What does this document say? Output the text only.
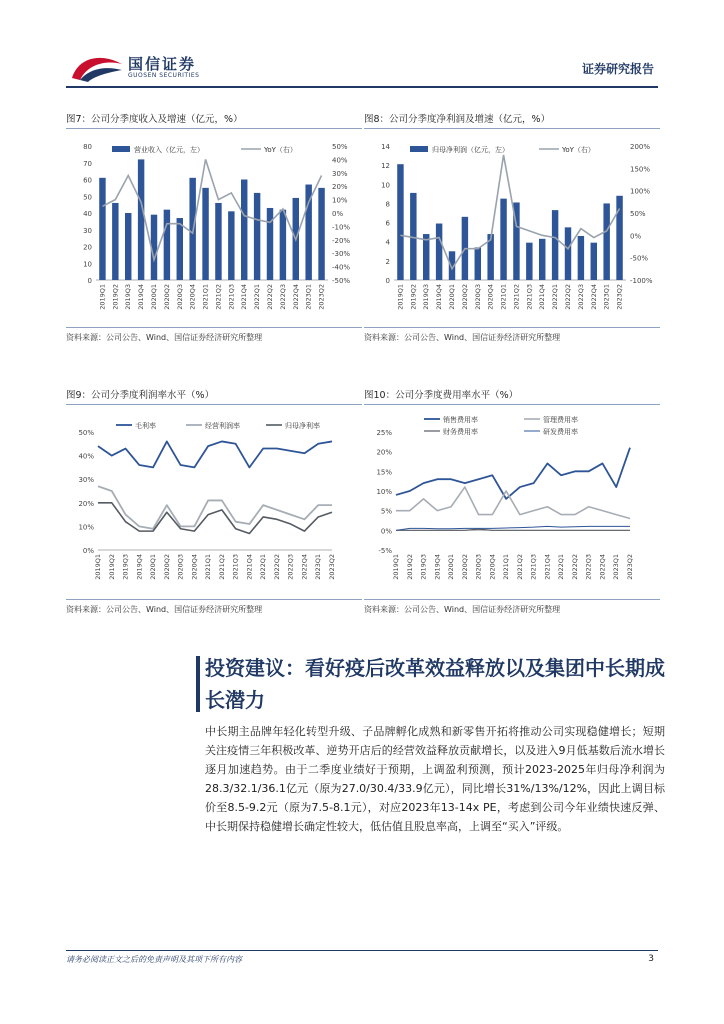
国信证券
GUOSEN SECURITIES	证券研究报告
图7：公司分季度收入及增速（亿元，%）	图8：公司分季度净利润及增速（亿元，%）
资料来源：公司公告、Wind、国信证券经济研究所整理	资料来源：公司公告、Wind、国信证券经济研究所整理
图9：公司分季度利润率水平（%）	图10：公司分季度费用率水平（%）
资料来源：公司公告、Wind、国信证券经济研究所整理	资料来源：公司公告、Wind、国信证券经济研究所整理
0
10
20
30
40
50
60
70
80
-50%
-40%
-30%
-20%
-10%
0%
10%
20%
30%
40%
50%
2019Q1 2019Q2 2019Q3 2019Q4 2020Q1 2020Q2 2020Q3 2020Q4 2021Q1 2021Q2 2021Q3 2021Q4 2022Q1 2022Q2 2022Q3 2022Q4 2023Q1 2023Q2
营业收入（亿元，左）	YoY（右）
0
2
4
6
8
10
12
14
-100%
-50%
0%
50%
100%
150%
200%
2019Q1 2019Q2 2019Q3 2019Q4 2020Q1 2020Q2 2020Q3 2020Q4 2021Q1 2021Q2 2021Q3 2021Q4 2022Q1 2022Q2 2022Q3 2022Q4 2023Q1 2023Q2
归母净利润（亿元，左）	YoY（右）
0%
10%
20%
30%
40%
50%
2019Q1 2019Q2 2019Q3 2019Q4 2020Q1 2020Q2 2020Q3 2020Q4 2021Q1 2021Q2 2021Q3 2021Q4 2022Q1 2022Q2 2022Q3 2022Q4 2023Q1 2023Q2
毛利率	经营利润率	归母净利率
-5%
0%
5%
10%
15%
20%
25%
2019Q1 2019Q2 2019Q3 2019Q4 2020Q1 2020Q2 2020Q3 2020Q4 2021Q1 2021Q2 2021Q3 2021Q4 2022Q1 2022Q2 2022Q3 2022Q4 2023Q1 2023Q2
销售费用率	管理费用率
财务费用率	研发费用率
投资建议：看好疫后改革效益释放以及集团中长期成长潜力
中长期主品牌年轻化转型升级、子品牌孵化成熟和新零售开拓将推动公司实现稳健增长；短期关注疫情三年积极改革、逆势开店后的经营效益释放贡献增长，以及进入9月低基数后流水增长逐月加速趋势。由于二季度业绩好于预期，上调盈利预测，预计2023-2025年归母净利润为28.3/32.1/36.1亿元（原为27.0/30.4/33.9亿元），同比增长31%/13%/12%，因此上调目标价至8.5-9.2元（原为7.5-8.1元），对应2023年13-14x PE，考虑到公司今年业绩快速反弹、中长期保持稳健增长确定性较大，低估值且股息率高，上调至“买入”评级。
请务必阅读正文之后的免责声明及其项下所有内容	3
